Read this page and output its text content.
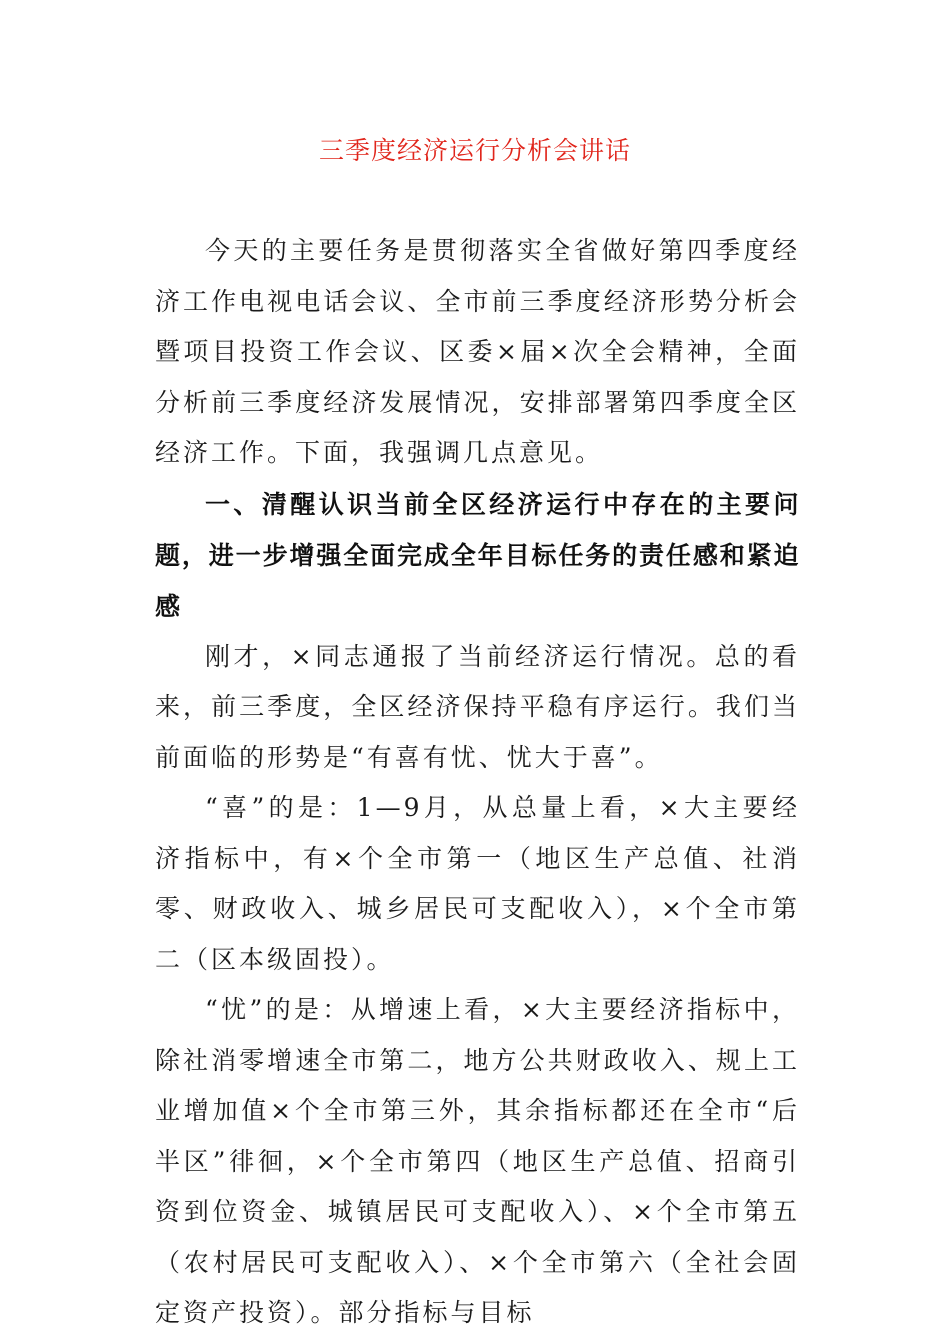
三季度经济运行分析会讲话

今天的主要任务是贯彻落实全省做好第四季度经济工作电视电话会议、全市前三季度经济形势分析会暨项目投资工作会议、区委×届×次全会精神，全面分析前三季度经济发展情况，安排部署第四季度全区经济工作。下面，我强调几点意见。

一、清醒认识当前全区经济运行中存在的主要问题，进一步增强全面完成全年目标任务的责任感和紧迫感

刚才，×同志通报了当前经济运行情况。总的看来，前三季度，全区经济保持平稳有序运行。我们当前面临的形势是“有喜有忧、忧大于喜”。

“喜”的是：1—9月，从总量上看，×大主要经济指标中，有×个全市第一（地区生产总值、社消零、财政收入、城乡居民可支配收入），×个全市第二（区本级固投）。

“忧”的是：从增速上看，×大主要经济指标中，除社消零增速全市第二，地方公共财政收入、规上工业增加值×个全市第三外，其余指标都还在全市“后半区”徘徊，×个全市第四（地区生产总值、招商引资到位资金、城镇居民可支配收入）、×个全市第五（农村居民可支配收入）、×个全市第六（全社会固定资产投资）。部分指标与目标
